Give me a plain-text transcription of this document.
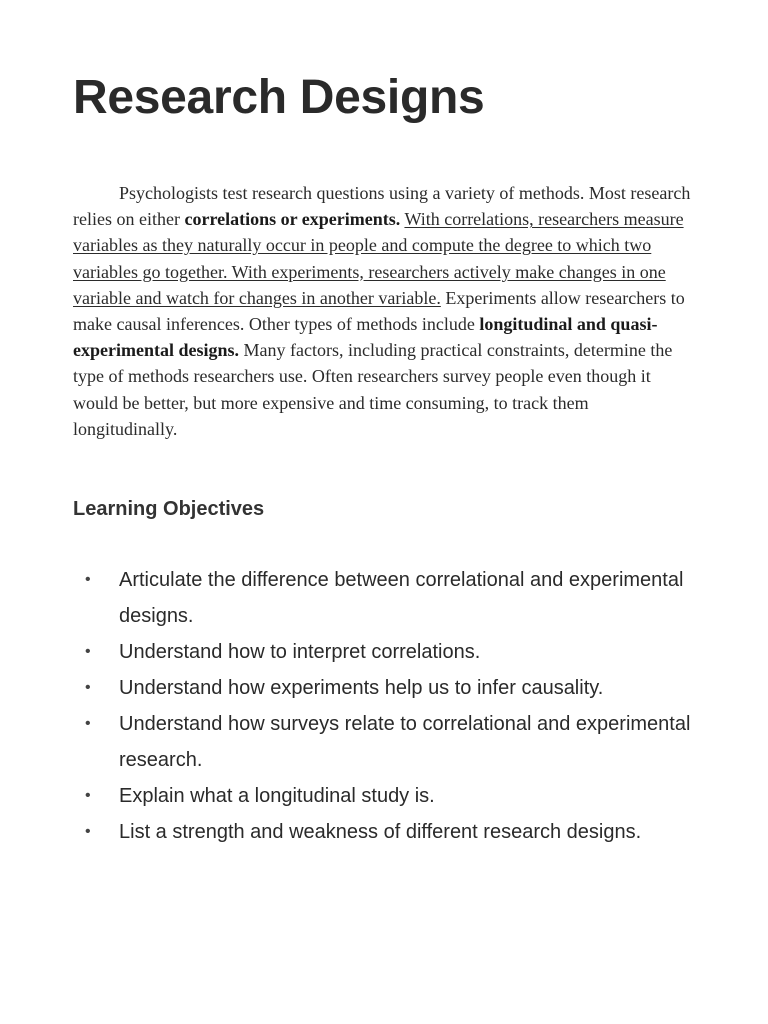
Research Designs

Psychologists test research questions using a variety of methods. Most research relies on either correlations or experiments. With correlations, researchers measure variables as they naturally occur in people and compute the degree to which two variables go together. With experiments, researchers actively make changes in one variable and watch for changes in another variable. Experiments allow researchers to make causal inferences. Other types of methods include longitudinal and quasi-experimental designs. Many factors, including practical constraints, determine the type of methods researchers use. Often researchers survey people even though it would be better, but more expensive and time consuming, to track them longitudinally.

Learning Objectives
• Articulate the difference between correlational and experimental designs.
• Understand how to interpret correlations.
• Understand how experiments help us to infer causality.
• Understand how surveys relate to correlational and experimental research.
• Explain what a longitudinal study is.
• List a strength and weakness of different research designs.
